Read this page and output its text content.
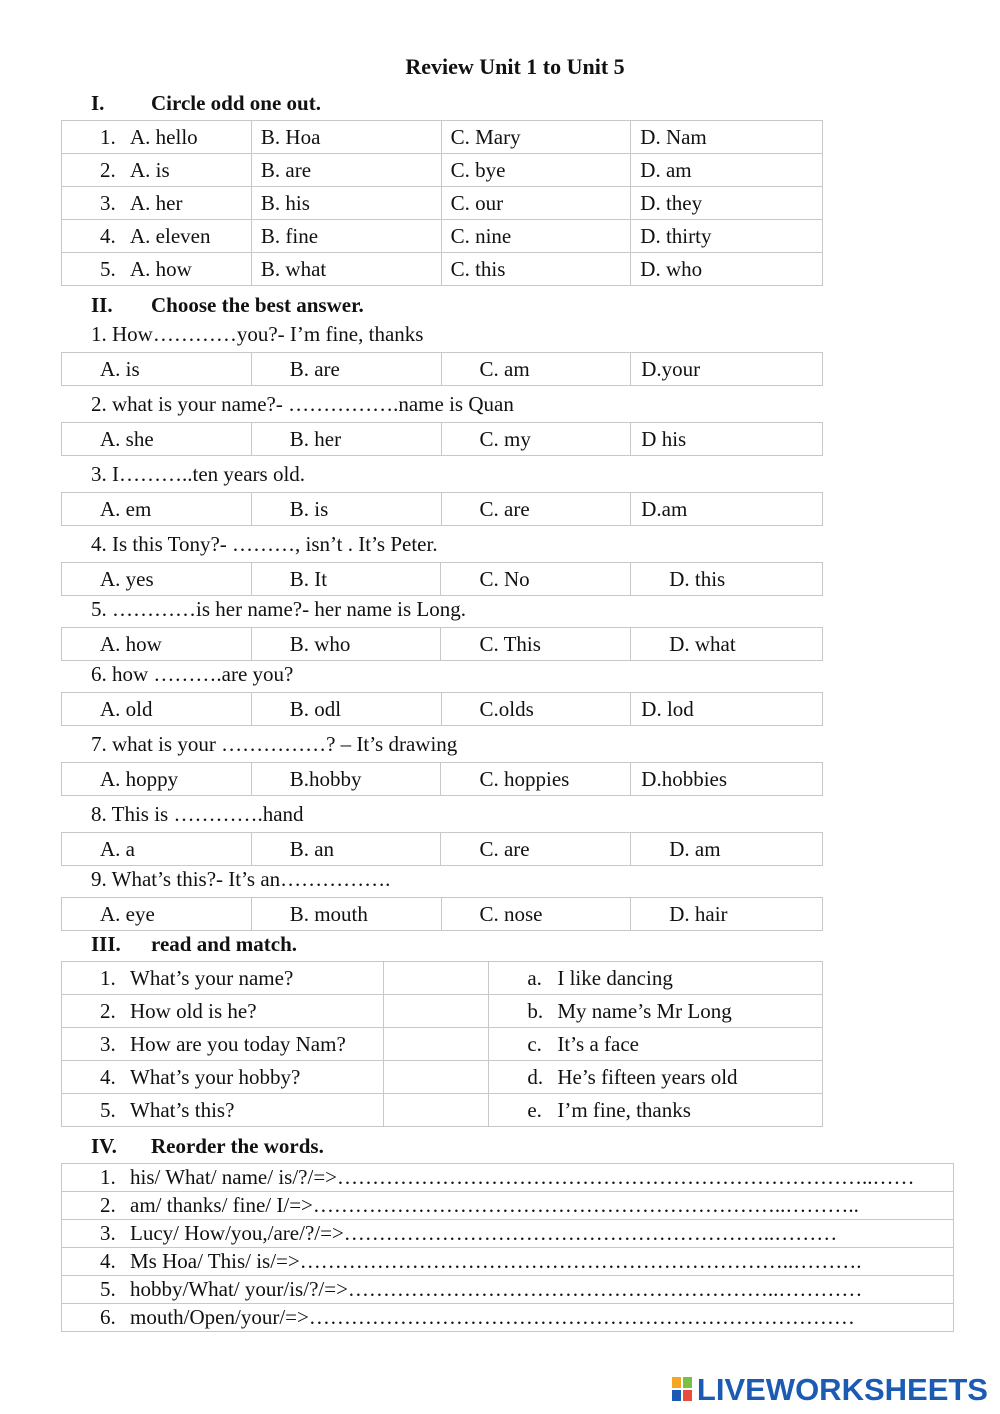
Review Unit 1 to Unit 5
I. Circle odd one out.
1. A. hello	B. Hoa	C. Mary	D. Nam
2. A. is	B. are	C. bye	D. am
3. A. her	B. his	C. our	D. they
4. A. eleven	B. fine	C. nine	D. thirty
5. A. how	B. what	C. this	D. who
II. Choose the best answer.
1. How…………you?- I’m fine, thanks
A. is	B. are	C. am	D.your
2. what is your name?- …………….name is Quan
A. she	B. her	C. my	D his
3. I………..ten years old.
A. em	B. is	C. are	D.am
4. Is this Tony?- ………, isn’t . It’s Peter.
A. yes	B. It	C. No	D. this
5. …………is her name?- her name is Long.
A. how	B. who	C. This	D. what
6. how ……….are you?
A. old	B. odl	C.olds	D. lod
7. what is your ……………? – It’s drawing
A. hoppy	B.hobby	C. hoppies	D.hobbies
8. This is ………….hand
A. a	B. an	C. are	D. am
9. What’s this?- It’s an…………….
A. eye	B. mouth	C. nose	D. hair
III. read and match.
1. What’s your name?		a. I like dancing
2. How old is he?		b. My name’s Mr Long
3. How are you today Nam?		c. It’s a face
4. What’s your hobby?		d. He’s fifteen years old
5. What’s this?		e. I’m fine, thanks
IV. Reorder the words.
1. his/ What/ name/ is/?/=>…………………………………………………………………..……
2. am/ thanks/ fine/ I/=>…………………………………………………………..………..
3. Lucy/ How/you,/are/?/=>……………………………………………………..………
4. Ms Hoa/ This/ is/=>……………………………………………………………..……….
5. hobby/What/ your/is/?/=>……………………………………………………..…………
6. mouth/Open/your/=>……………………………………………………………………
LIVEWORKSHEETS
